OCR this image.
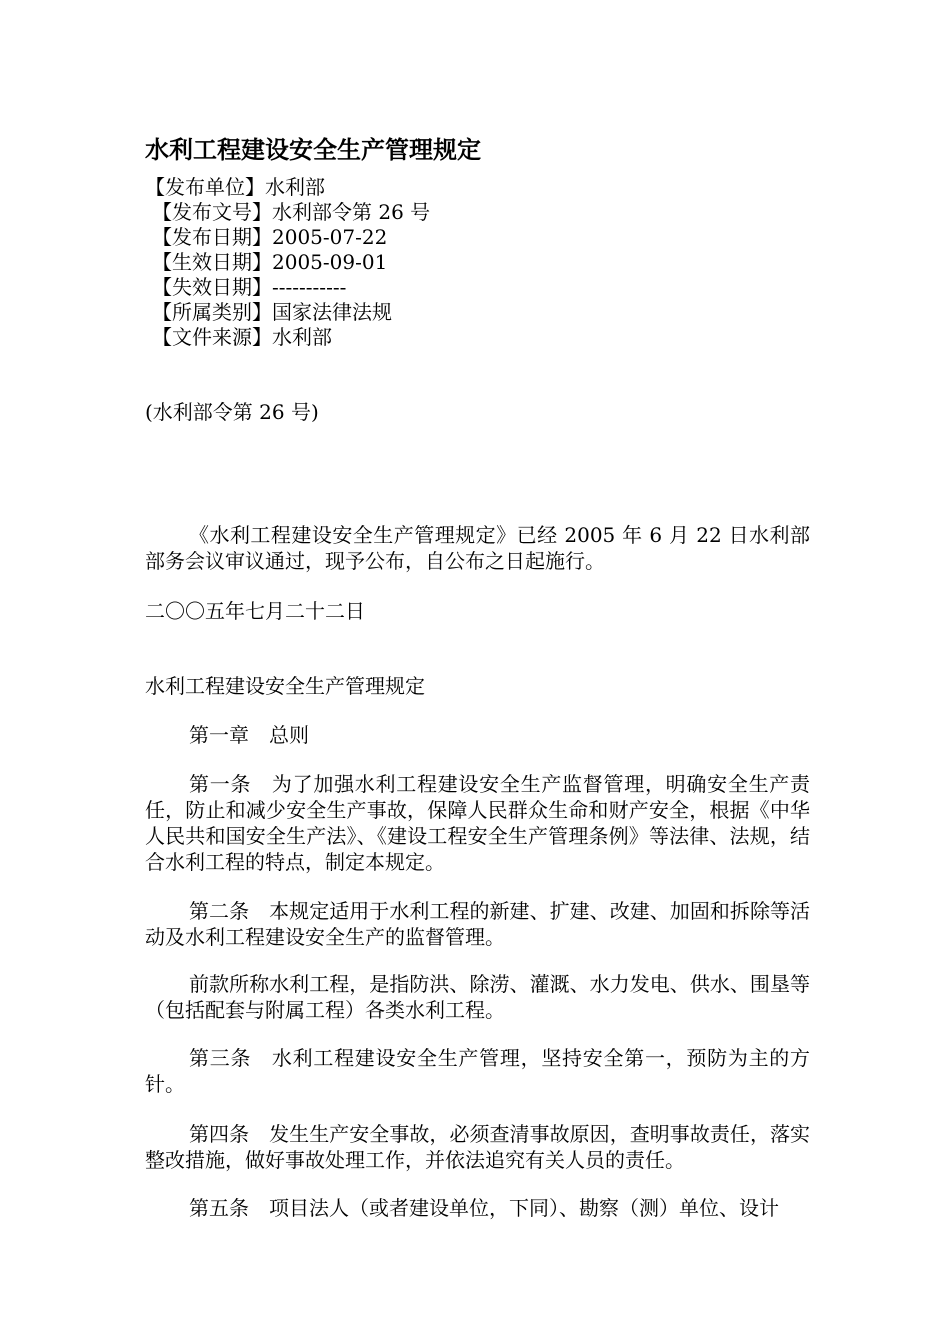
水利工程建设安全生产管理规定
【发布单位】水利部
【发布文号】水利部令第 26 号
【发布日期】2005-07-22
【生效日期】2005-09-01
【失效日期】-----------
【所属类别】国家法律法规
【文件来源】水利部
(水利部令第 26 号)
《水利工程建设安全生产管理规定》已经 2005 年 6 月 22 日水利部部务会议审议通过，现予公布，自公布之日起施行。
二〇〇五年七月二十二日
水利工程建设安全生产管理规定
第一章 总则
第一条 为了加强水利工程建设安全生产监督管理，明确安全生产责任，防止和减少安全生产事故，保障人民群众生命和财产安全，根据《中华人民共和国安全生产法》、《建设工程安全生产管理条例》等法律、法规，结合水利工程的特点，制定本规定。
第二条 本规定适用于水利工程的新建、扩建、改建、加固和拆除等活动及水利工程建设安全生产的监督管理。
前款所称水利工程，是指防洪、除涝、灌溉、水力发电、供水、围垦等（包括配套与附属工程）各类水利工程。
第三条 水利工程建设安全生产管理，坚持安全第一，预防为主的方针。
第四条 发生生产安全事故，必须查清事故原因，查明事故责任，落实整改措施，做好事故处理工作，并依法追究有关人员的责任。
第五条 项目法人（或者建设单位，下同）、勘察（测）单位、设计
